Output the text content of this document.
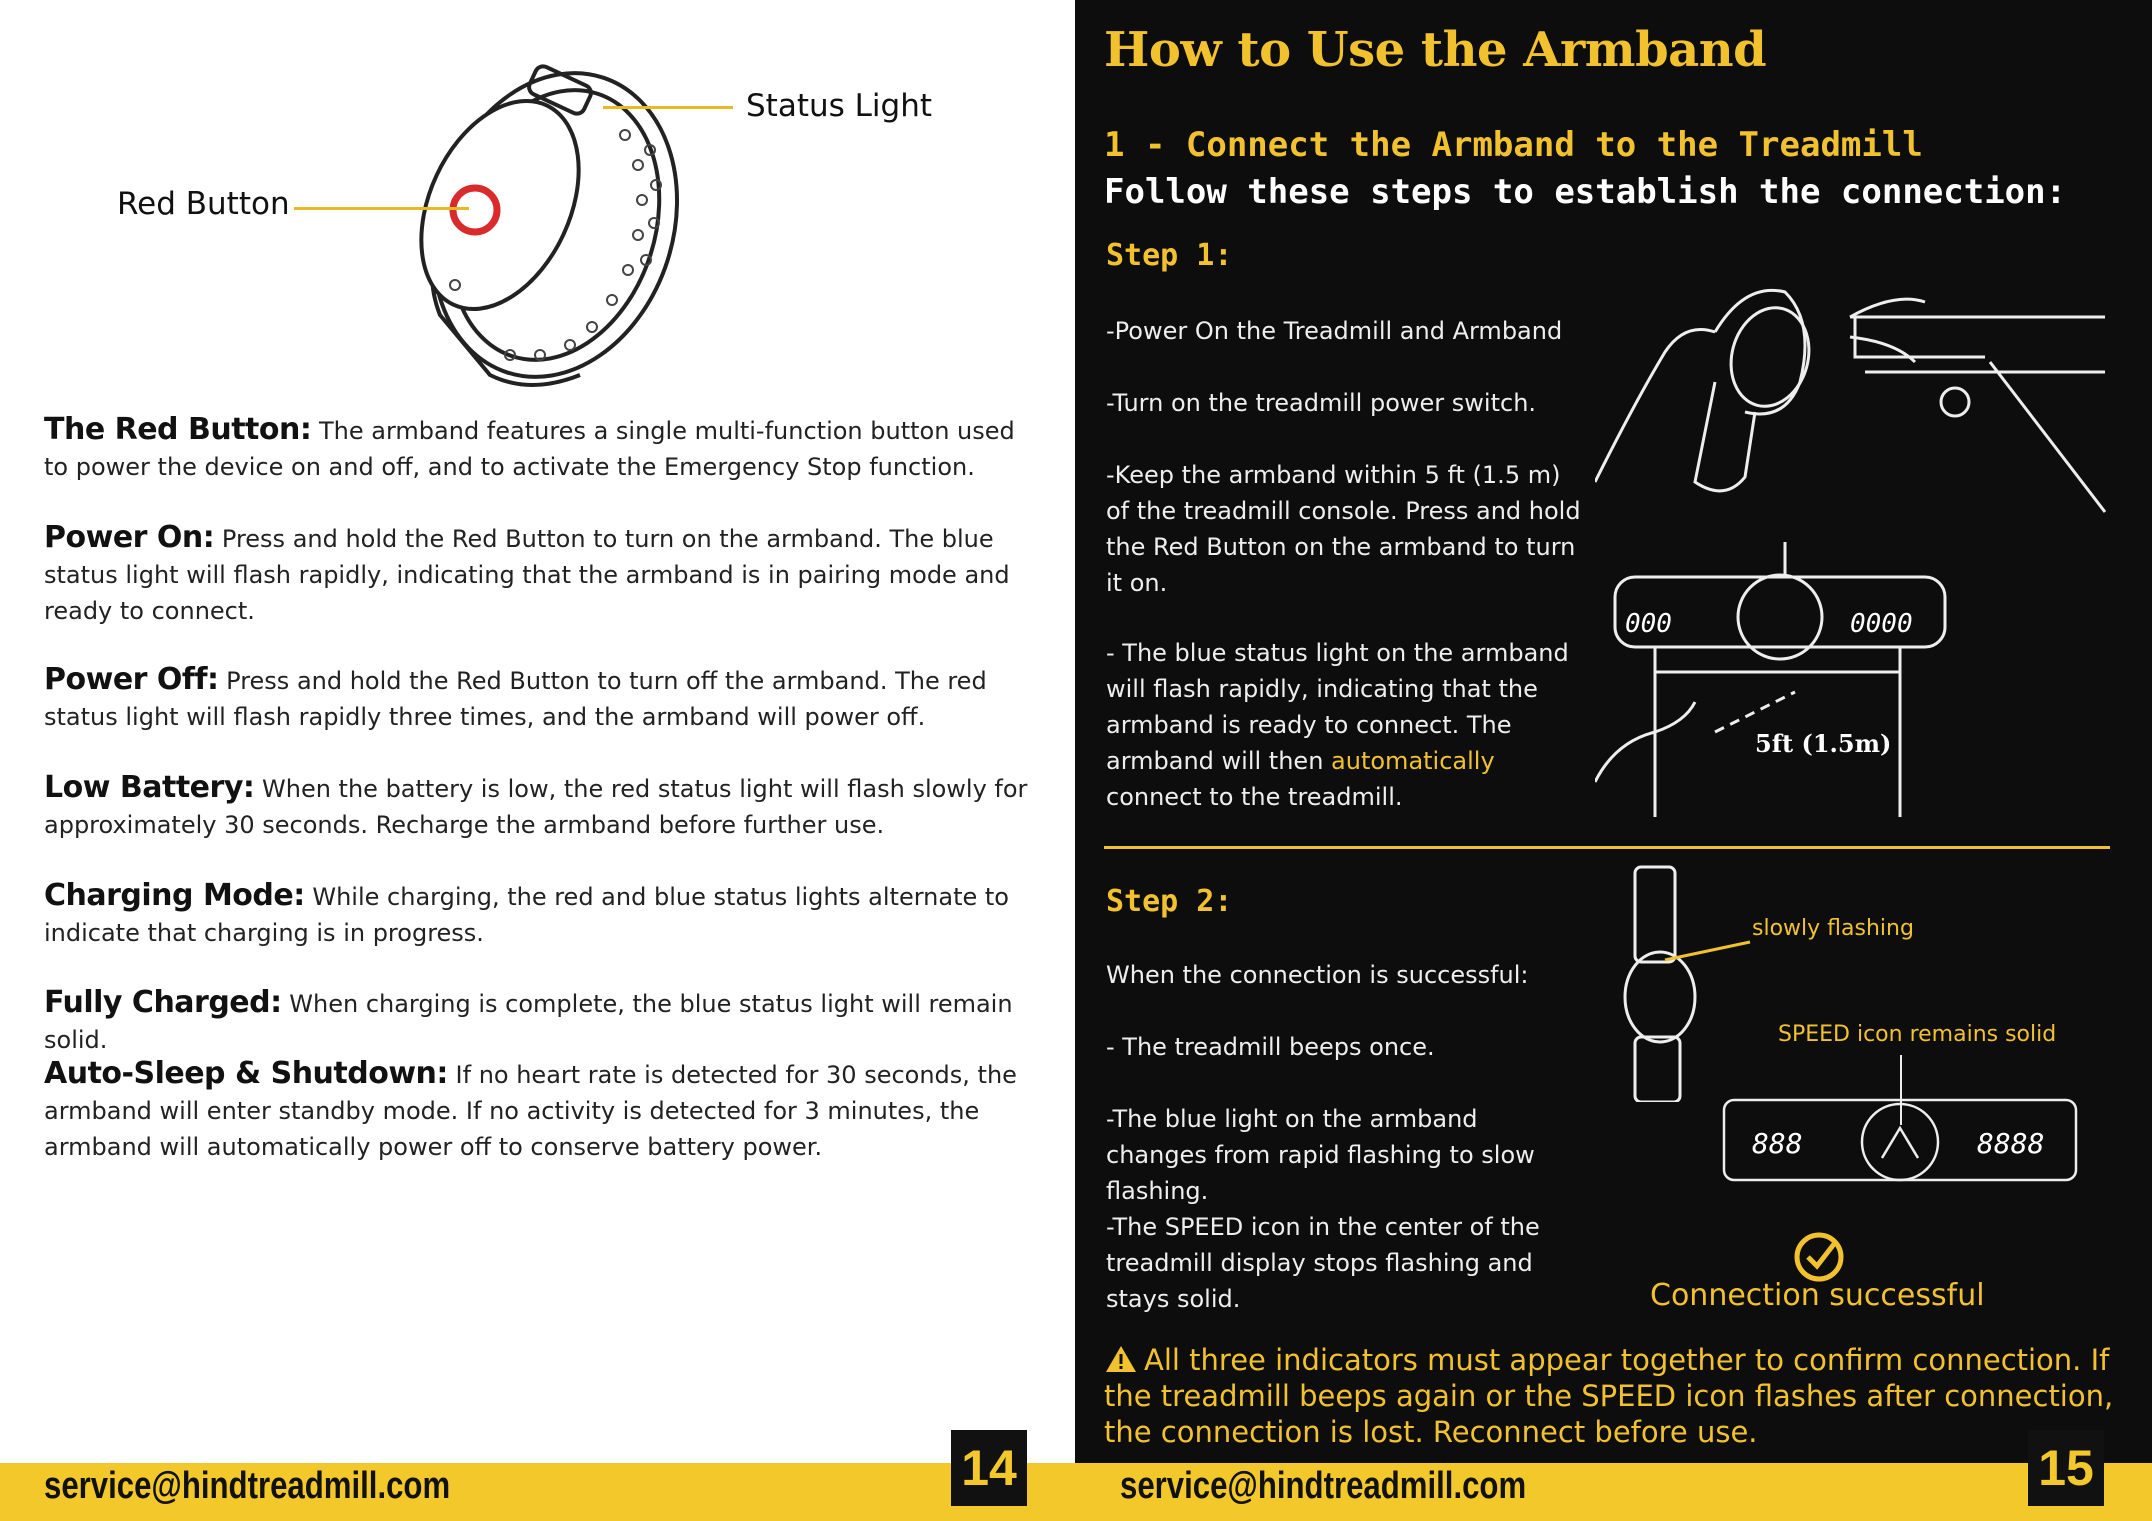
Status Light
Red Button
The Red Button: The armband features a single multi-function button used to power the device on and off, and to activate the Emergency Stop function.
Power On: Press and hold the Red Button to turn on the armband. The blue status light will flash rapidly, indicating that the armband is in pairing mode and ready to connect.
Power Off: Press and hold the Red Button to turn off the armband. The red status light will flash rapidly three times, and the armband will power off.
Low Battery: When the battery is low, the red status light will flash slowly for approximately 30 seconds. Recharge the armband before further use.
Charging Mode: While charging, the red and blue status lights alternate to indicate that charging is in progress.
Fully Charged: When charging is complete, the blue status light will remain solid.
Auto-Sleep & Shutdown: If no heart rate is detected for 30 seconds, the armband will enter standby mode. If no activity is detected for 3 minutes, the armband will automatically power off to conserve battery power.
How to Use the Armband
1 - Connect the Armband to the Treadmill
Follow these steps to establish the connection:
Step 1:
-Power On the Treadmill and Armband
-Turn on the treadmill power switch.
-Keep the armband within 5 ft (1.5 m) of the treadmill console. Press and hold the Red Button on the armband to turn it on.
- The blue status light on the armband will flash rapidly, indicating that the armband is ready to connect. The armband will then automatically connect to the treadmill.
000	0000
5ft (1.5m)
Step 2:
When the connection is successful:
- The treadmill beeps once.
-The blue light on the armband changes from rapid flashing to slow flashing.
-The SPEED icon in the center of the treadmill display stops flashing and stays solid.
slowly flashing
SPEED icon remains solid
888	8888
Connection successful
All three indicators must appear together to confirm connection. If the treadmill beeps again or the SPEED icon flashes after connection, the connection is lost. Reconnect before use.
service@hindtreadmill.com	service@hindtreadmill.com
14	15
